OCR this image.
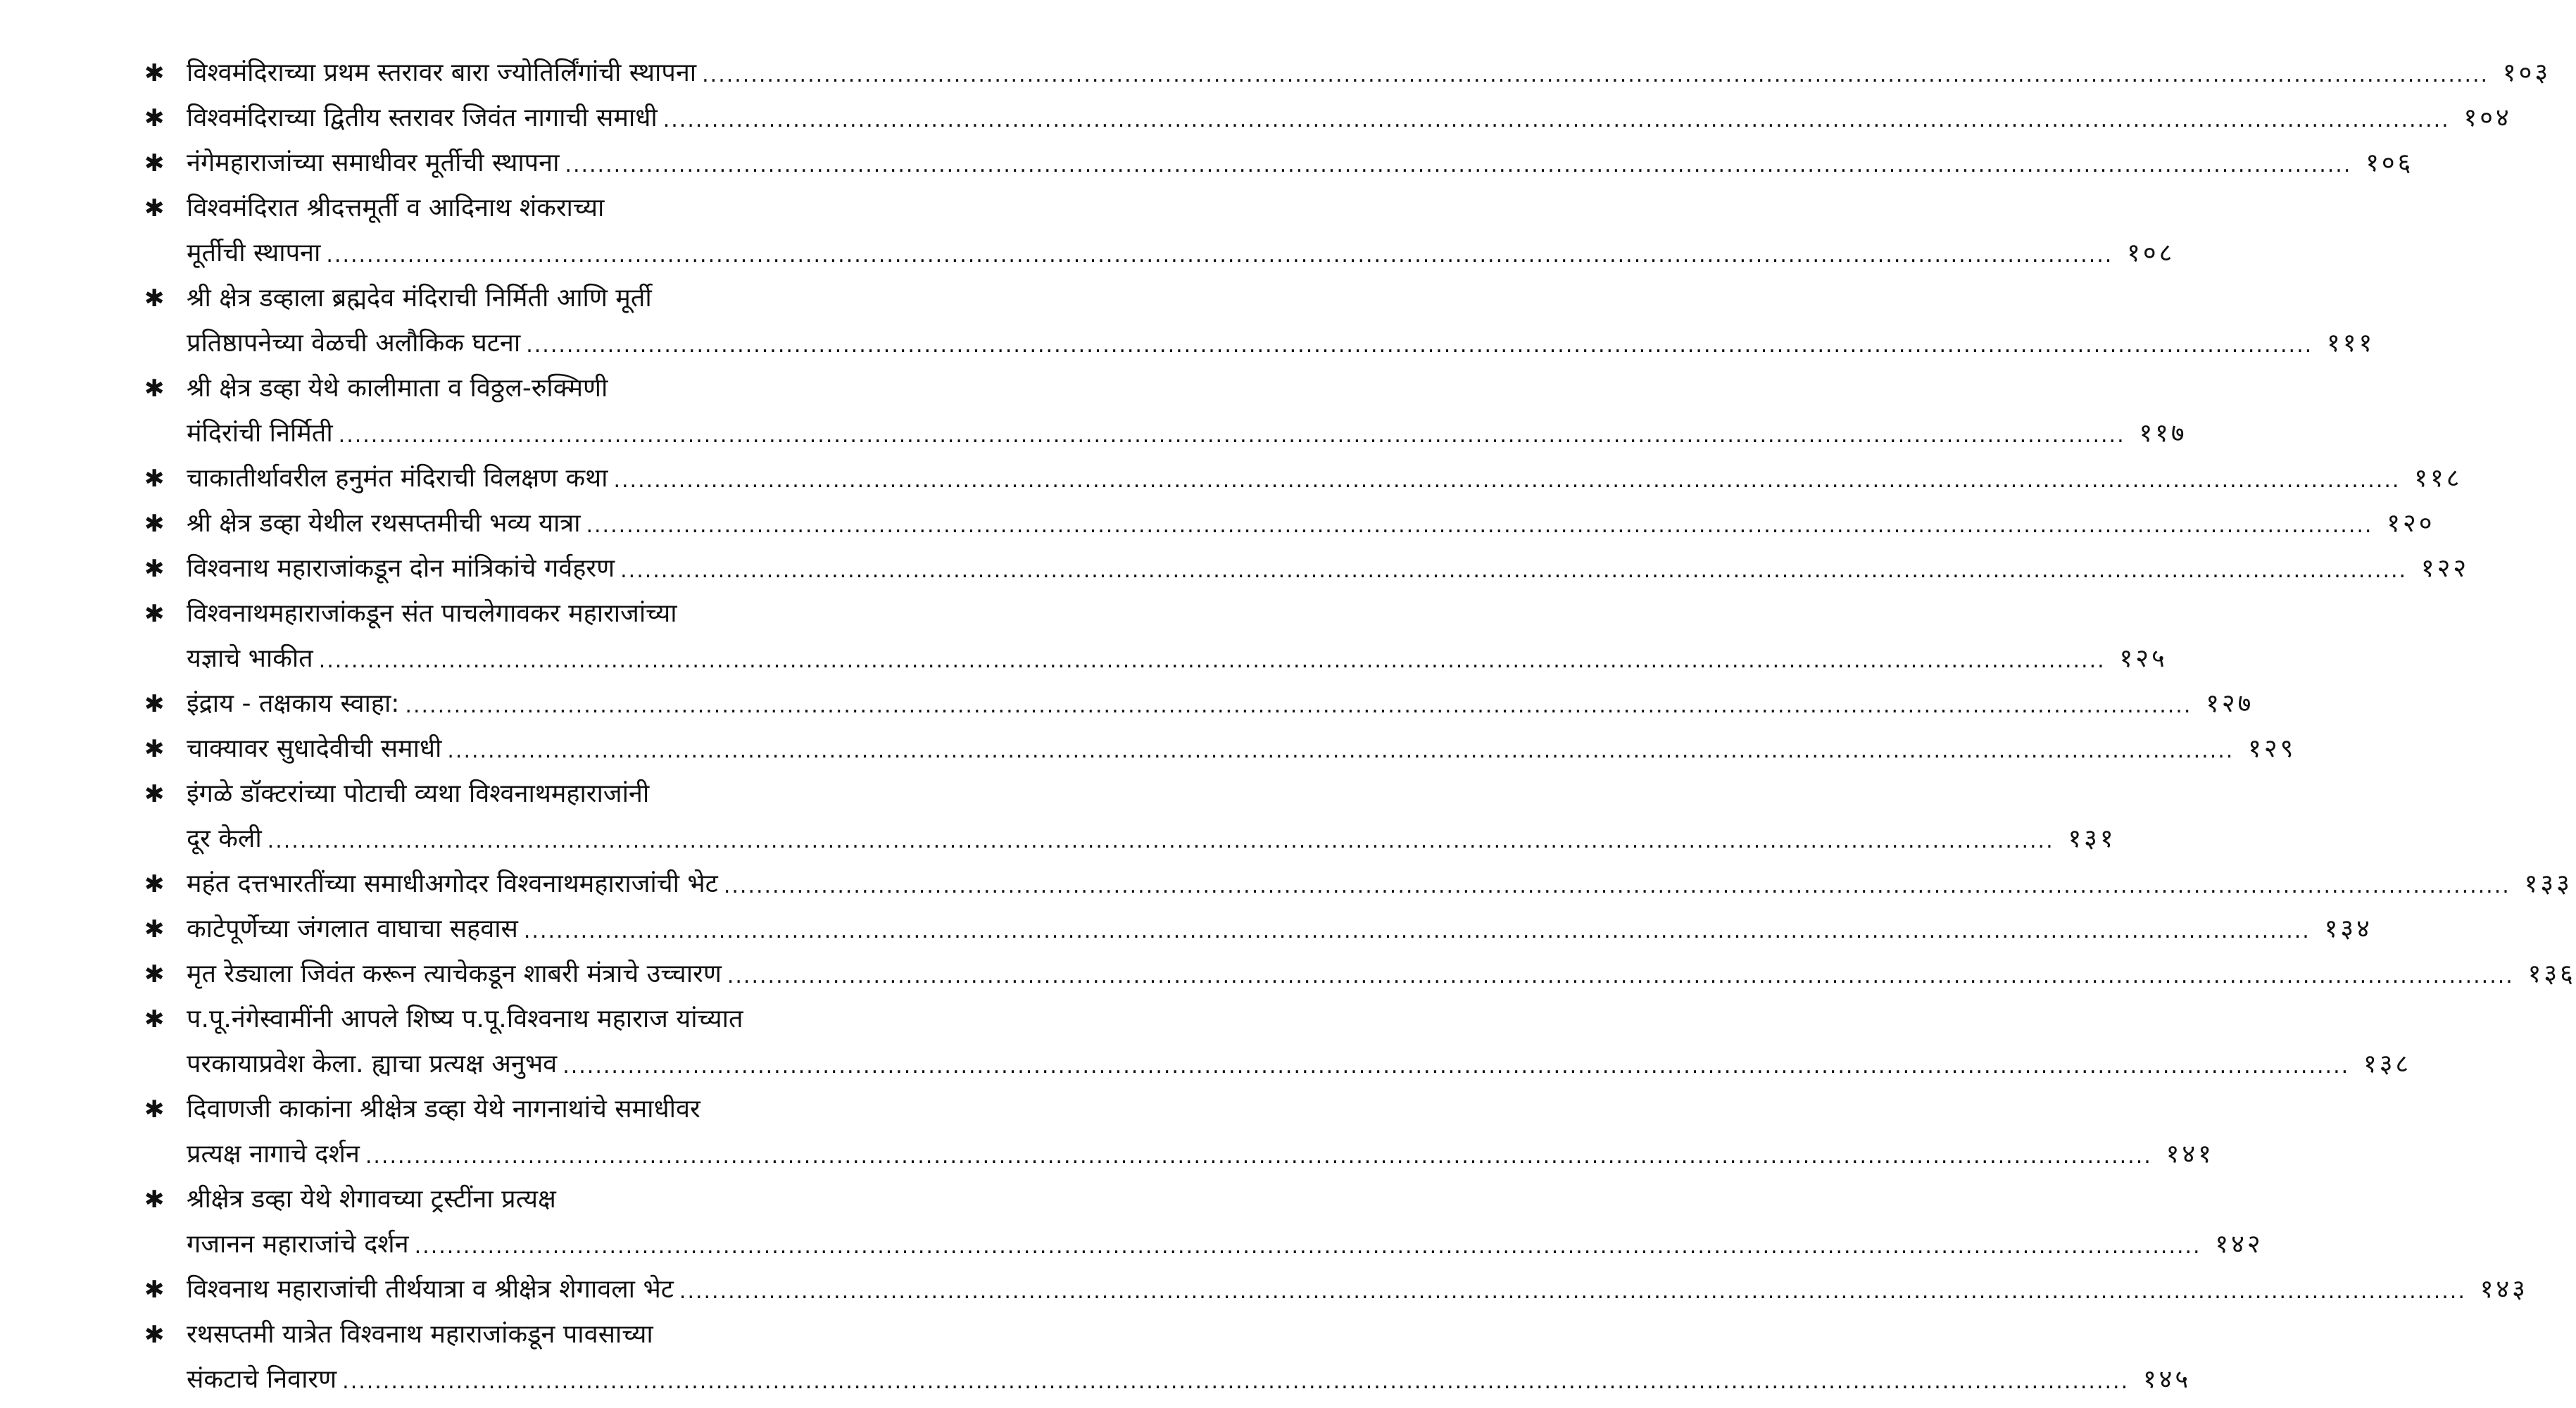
✱ विश्वमंदिराच्या प्रथम स्तरावर बारा ज्योतिर्लिंगांची स्थापना ............................................................................................................................................................................................................................ १०३
✱ विश्वमंदिराच्या द्वितीय स्तरावर जिवंत नागाची समाधी ............................................................................................................................................................................................................................ १०४
✱ नंगेमहाराजांच्या समाधीवर मूर्तीची स्थापना ............................................................................................................................................................................................................................ १०६
✱ विश्वमंदिरात श्रीदत्तमूर्ती व आदिनाथ शंकराच्या
मूर्तीची स्थापना ............................................................................................................................................................................................................................ १०८
✱ श्री क्षेत्र डव्हाला ब्रह्मदेव मंदिराची निर्मिती आणि मूर्ती
प्रतिष्ठापनेच्या वेळची अलौकिक घटना ............................................................................................................................................................................................................................ १११
✱ श्री क्षेत्र डव्हा येथे कालीमाता व विठ्ठल-रुक्मिणी
मंदिरांची निर्मिती ............................................................................................................................................................................................................................ ११७
✱ चाकातीर्थावरील हनुमंत मंदिराची विलक्षण कथा ............................................................................................................................................................................................................................ ११८
✱ श्री क्षेत्र डव्हा येथील रथसप्तमीची भव्य यात्रा ............................................................................................................................................................................................................................ १२०
✱ विश्वनाथ महाराजांकडून दोन मांत्रिकांचे गर्वहरण ............................................................................................................................................................................................................................ १२२
✱ विश्वनाथमहाराजांकडून संत पाचलेगावकर महाराजांच्या
यज्ञाचे भाकीत ............................................................................................................................................................................................................................ १२५
✱ इंद्राय - तक्षकाय स्वाहा: ............................................................................................................................................................................................................................ १२७
✱ चाक्यावर सुधादेवीची समाधी ............................................................................................................................................................................................................................ १२९
✱ इंगळे डॉक्टरांच्या पोटाची व्यथा विश्वनाथमहाराजांनी
दूर केली ............................................................................................................................................................................................................................ १३१
✱ महंत दत्तभारतींच्या समाधीअगोदर विश्वनाथमहाराजांची भेट ............................................................................................................................................................................................................................ १३३
✱ काटेपूर्णेच्या जंगलात वाघाचा सहवास ............................................................................................................................................................................................................................ १३४
✱ मृत रेड्याला जिवंत करून त्याचेकडून शाबरी मंत्राचे उच्चारण ............................................................................................................................................................................................................................ १३६
✱ प.पू.नंगेस्वामींनी आपले शिष्य प.पू.विश्वनाथ महाराज यांच्यात
परकायाप्रवेश केला. ह्याचा प्रत्यक्ष अनुभव ............................................................................................................................................................................................................................ १३८
✱ दिवाणजी काकांना श्रीक्षेत्र डव्हा येथे नागनाथांचे समाधीवर
प्रत्यक्ष नागाचे दर्शन ............................................................................................................................................................................................................................ १४१
✱ श्रीक्षेत्र डव्हा येथे शेगावच्या ट्रस्टींना प्रत्यक्ष
गजानन महाराजांचे दर्शन ............................................................................................................................................................................................................................ १४२
✱ विश्वनाथ महाराजांची तीर्थयात्रा व श्रीक्षेत्र शेगावला भेट ............................................................................................................................................................................................................................ १४३
✱ रथसप्तमी यात्रेत विश्वनाथ महाराजांकडून पावसाच्या
संकटाचे निवारण ............................................................................................................................................................................................................................ १४५
